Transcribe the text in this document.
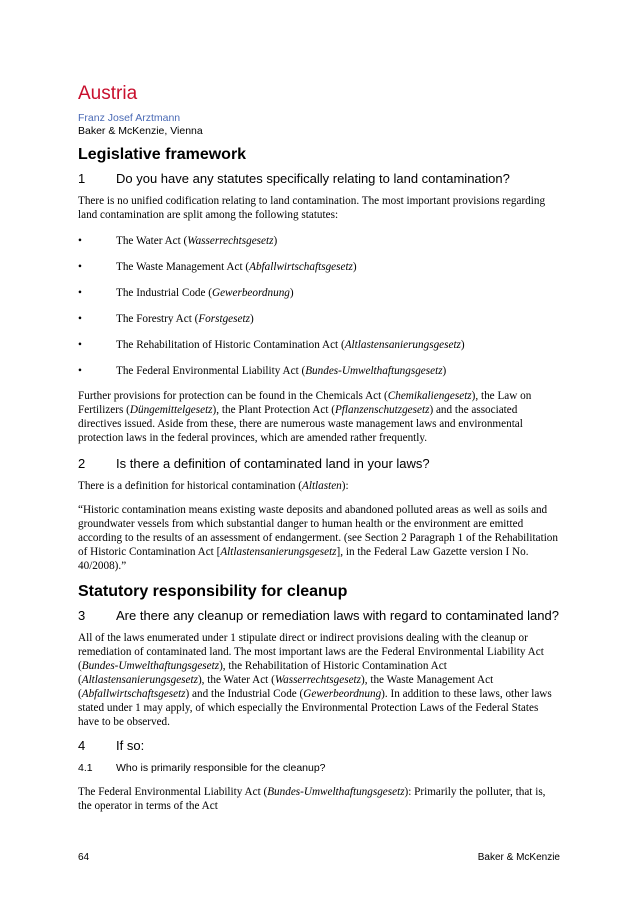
Austria
Franz Josef Arztmann
Baker & McKenzie, Vienna
Legislative framework
1 Do you have any statutes specifically relating to land contamination?
There is no unified codification relating to land contamination. The most important provisions regarding land contamination are split among the following statutes:
•	The Water Act (Wasserrechtsgesetz)
•	The Waste Management Act (Abfallwirtschaftsgesetz)
•	The Industrial Code (Gewerbeordnung)
•	The Forestry Act (Forstgesetz)
•	The Rehabilitation of Historic Contamination Act (Altlastensanierungsgesetz)
•	The Federal Environmental Liability Act (Bundes-Umwelthaftungsgesetz)
Further provisions for protection can be found in the Chemicals Act (Chemikaliengesetz), the Law on Fertilizers (Düngemittelgesetz), the Plant Protection Act (Pflanzenschutzgesetz) and the associated directives issued. Aside from these, there are numerous waste management laws and environmental protection laws in the federal provinces, which are amended rather frequently.
2 Is there a definition of contaminated land in your laws?
There is a definition for historical contamination (Altlasten):
“Historic contamination means existing waste deposits and abandoned polluted areas as well as soils and groundwater vessels from which substantial danger to human health or the environment are emitted according to the results of an assessment of endangerment. (see Section 2 Paragraph 1 of the Rehabilitation of Historic Contamination Act [Altlastensanierungsgesetz], in the Federal Law Gazette version I No. 40/2008).”
Statutory responsibility for cleanup
3 Are there any cleanup or remediation laws with regard to contaminated land?
All of the laws enumerated under 1 stipulate direct or indirect provisions dealing with the cleanup or remediation of contaminated land. The most important laws are the Federal Environmental Liability Act (Bundes-Umwelthaftungsgesetz), the Rehabilitation of Historic Contamination Act (Altlastensanierungsgesetz), the Water Act (Wasserrechtsgesetz), the Waste Management Act (Abfallwirtschaftsgesetz) and the Industrial Code (Gewerbeordnung). In addition to these laws, other laws stated under 1 may apply, of which especially the Environmental Protection Laws of the Federal States have to be observed.
4 If so:
4.1 Who is primarily responsible for the cleanup?
The Federal Environmental Liability Act (Bundes-Umwelthaftungsgesetz): Primarily the polluter, that is, the operator in terms of the Act
64	Baker & McKenzie
